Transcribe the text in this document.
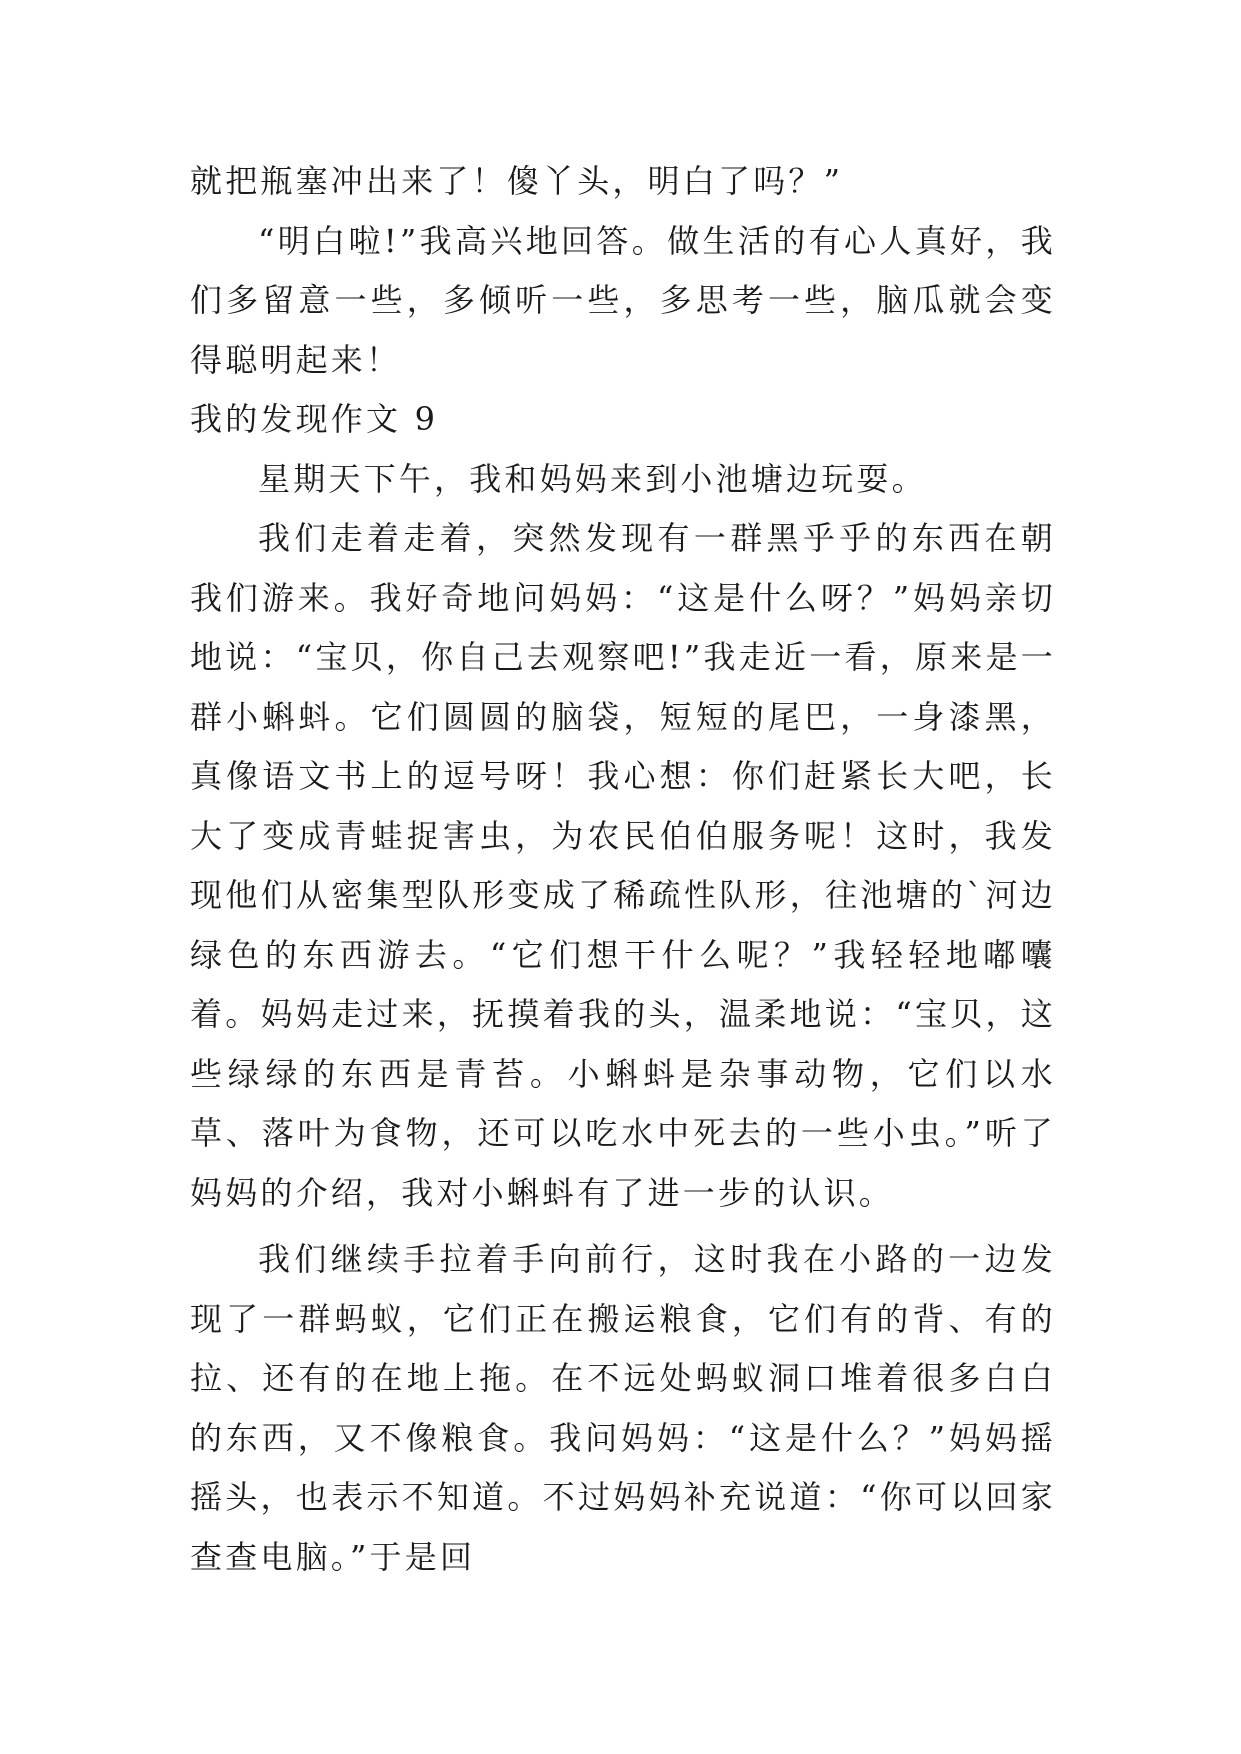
就把瓶塞冲出来了！傻丫头，明白了吗？”

“明白啦!”我高兴地回答。做生活的有心人真好，我们多留意一些，多倾听一些，多思考一些，脑瓜就会变得聪明起来！

我的发现作文 9

星期天下午，我和妈妈来到小池塘边玩耍。

我们走着走着，突然发现有一群黑乎乎的东西在朝我们游来。我好奇地问妈妈：“这是什么呀？”妈妈亲切地说：“宝贝，你自己去观察吧!”我走近一看，原来是一群小蝌蚪。它们圆圆的脑袋，短短的尾巴，一身漆黑，真像语文书上的逗号呀！我心想：你们赶紧长大吧，长大了变成青蛙捉害虫，为农民伯伯服务呢！这时，我发现他们从密集型队形变成了稀疏性队形，往池塘的`河边绿色的东西游去。“它们想干什么呢？”我轻轻地嘟囔着。妈妈走过来，抚摸着我的头，温柔地说：“宝贝，这些绿绿的东西是青苔。小蝌蚪是杂事动物，它们以水草、落叶为食物，还可以吃水中死去的一些小虫。”听了妈妈的介绍，我对小蝌蚪有了进一步的认识。

我们继续手拉着手向前行，这时我在小路的一边发现了一群蚂蚁，它们正在搬运粮食，它们有的背、有的拉、还有的在地上拖。在不远处蚂蚁洞口堆着很多白白的东西，又不像粮食。我问妈妈：“这是什么？”妈妈摇摇头，也表示不知道。不过妈妈补充说道：“你可以回家查查电脑。”于是回
